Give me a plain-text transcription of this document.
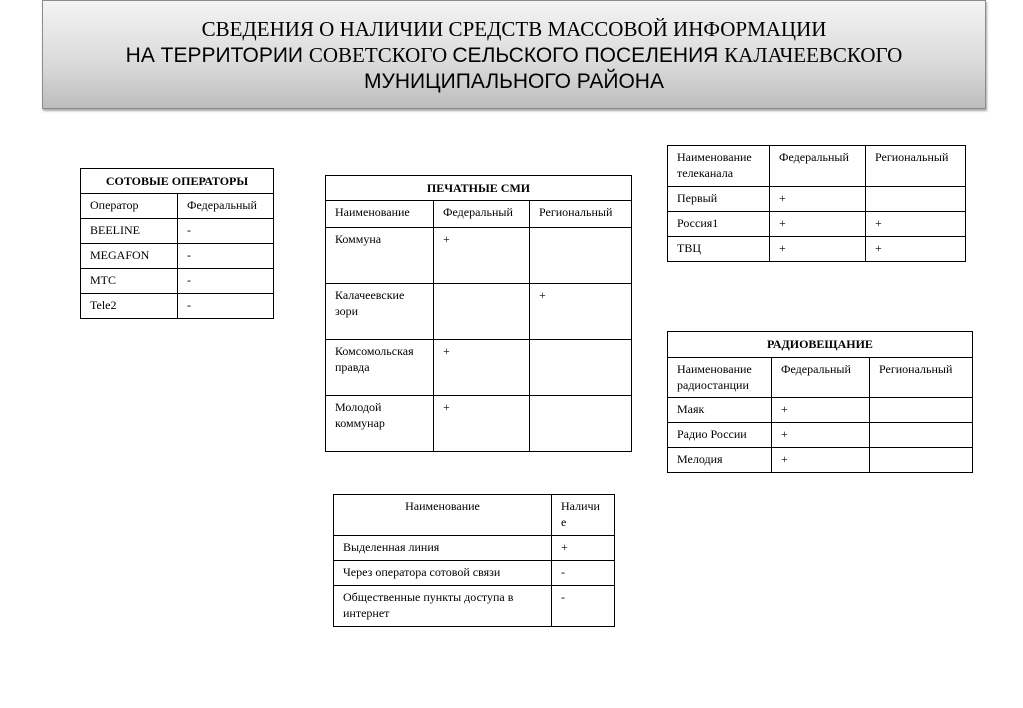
СВЕДЕНИЯ О НАЛИЧИИ СРЕДСТВ МАССОВОЙ ИНФОРМАЦИИ
НА ТЕРРИТОРИИ СОВЕТСКОГО СЕЛЬСКОГО ПОСЕЛЕНИЯ КАЛАЧЕЕВСКОГО
МУНИЦИПАЛЬНОГО РАЙОНА
СОТОВЫЕ ОПЕРАТОРЫ	
Оператор	Федеральный
BEELINE	-
MEGAFON	-
МТС	-
Tele2	-
ПЕЧАТНЫЕ СМИ		
Наименование	Федеральный	Региональный
Коммуна	+	
Калачеевские зори		+
Комсомольская правда	+	
Молодой коммунар	+	
Наименование телеканала	Федеральный	Региональный
Первый	+	
Россия1	+	+
ТВЦ	+	+
РАДИОВЕЩАНИЕ		
Наименование радиостанции	Федеральный	Региональный
Маяк	+	
Радио России	+	
Мелодия	+	
Наименование	Наличие
Выделенная линия	+
Через оператора сотовой связи	-
Общественные пункты доступа в интернет	-
